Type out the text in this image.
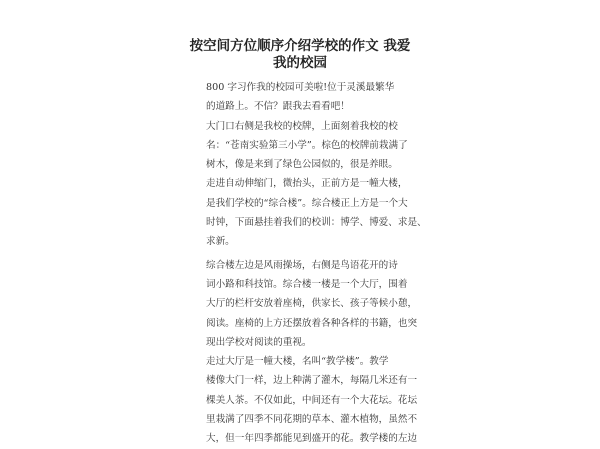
按空间方位顺序介绍学校的作文 我爱
我的校园
800 字习作我的校园可美啦!位于灵溪最繁华
的道路上。不信？跟我去看看吧！
大门口右侧是我校的校牌，上面刻着我校的校
名：“苍南实验第三小学”。棕色的校牌前栽满了
树木，像是来到了绿色公园似的，很是养眼。
走进自动伸缩门，微抬头，正前方是一幢大楼，
是我们学校的“综合楼”。综合楼正上方是一个大
时钟，下面悬挂着我们的校训：博学、博爱、求是、
求新。
综合楼左边是风雨操场，右侧是鸟语花开的诗
词小路和科技馆。综合楼一楼是一个大厅，围着
大厅的栏杆安放着座椅，供家长、孩子等候小憩，
阅读。座椅的上方还摆放着各种各样的书籍，也突
现出学校对阅读的重视。
走过大厅是一幢大楼，名叫“教学楼”。教学
楼像大门一样，边上种满了灌木，每隔几米还有一
棵美人茶。不仅如此，中间还有一个大花坛。花坛
里栽满了四季不同花期的草本、灌木植物，虽然不
大，但一年四季都能见到盛开的花。教学楼的左边
